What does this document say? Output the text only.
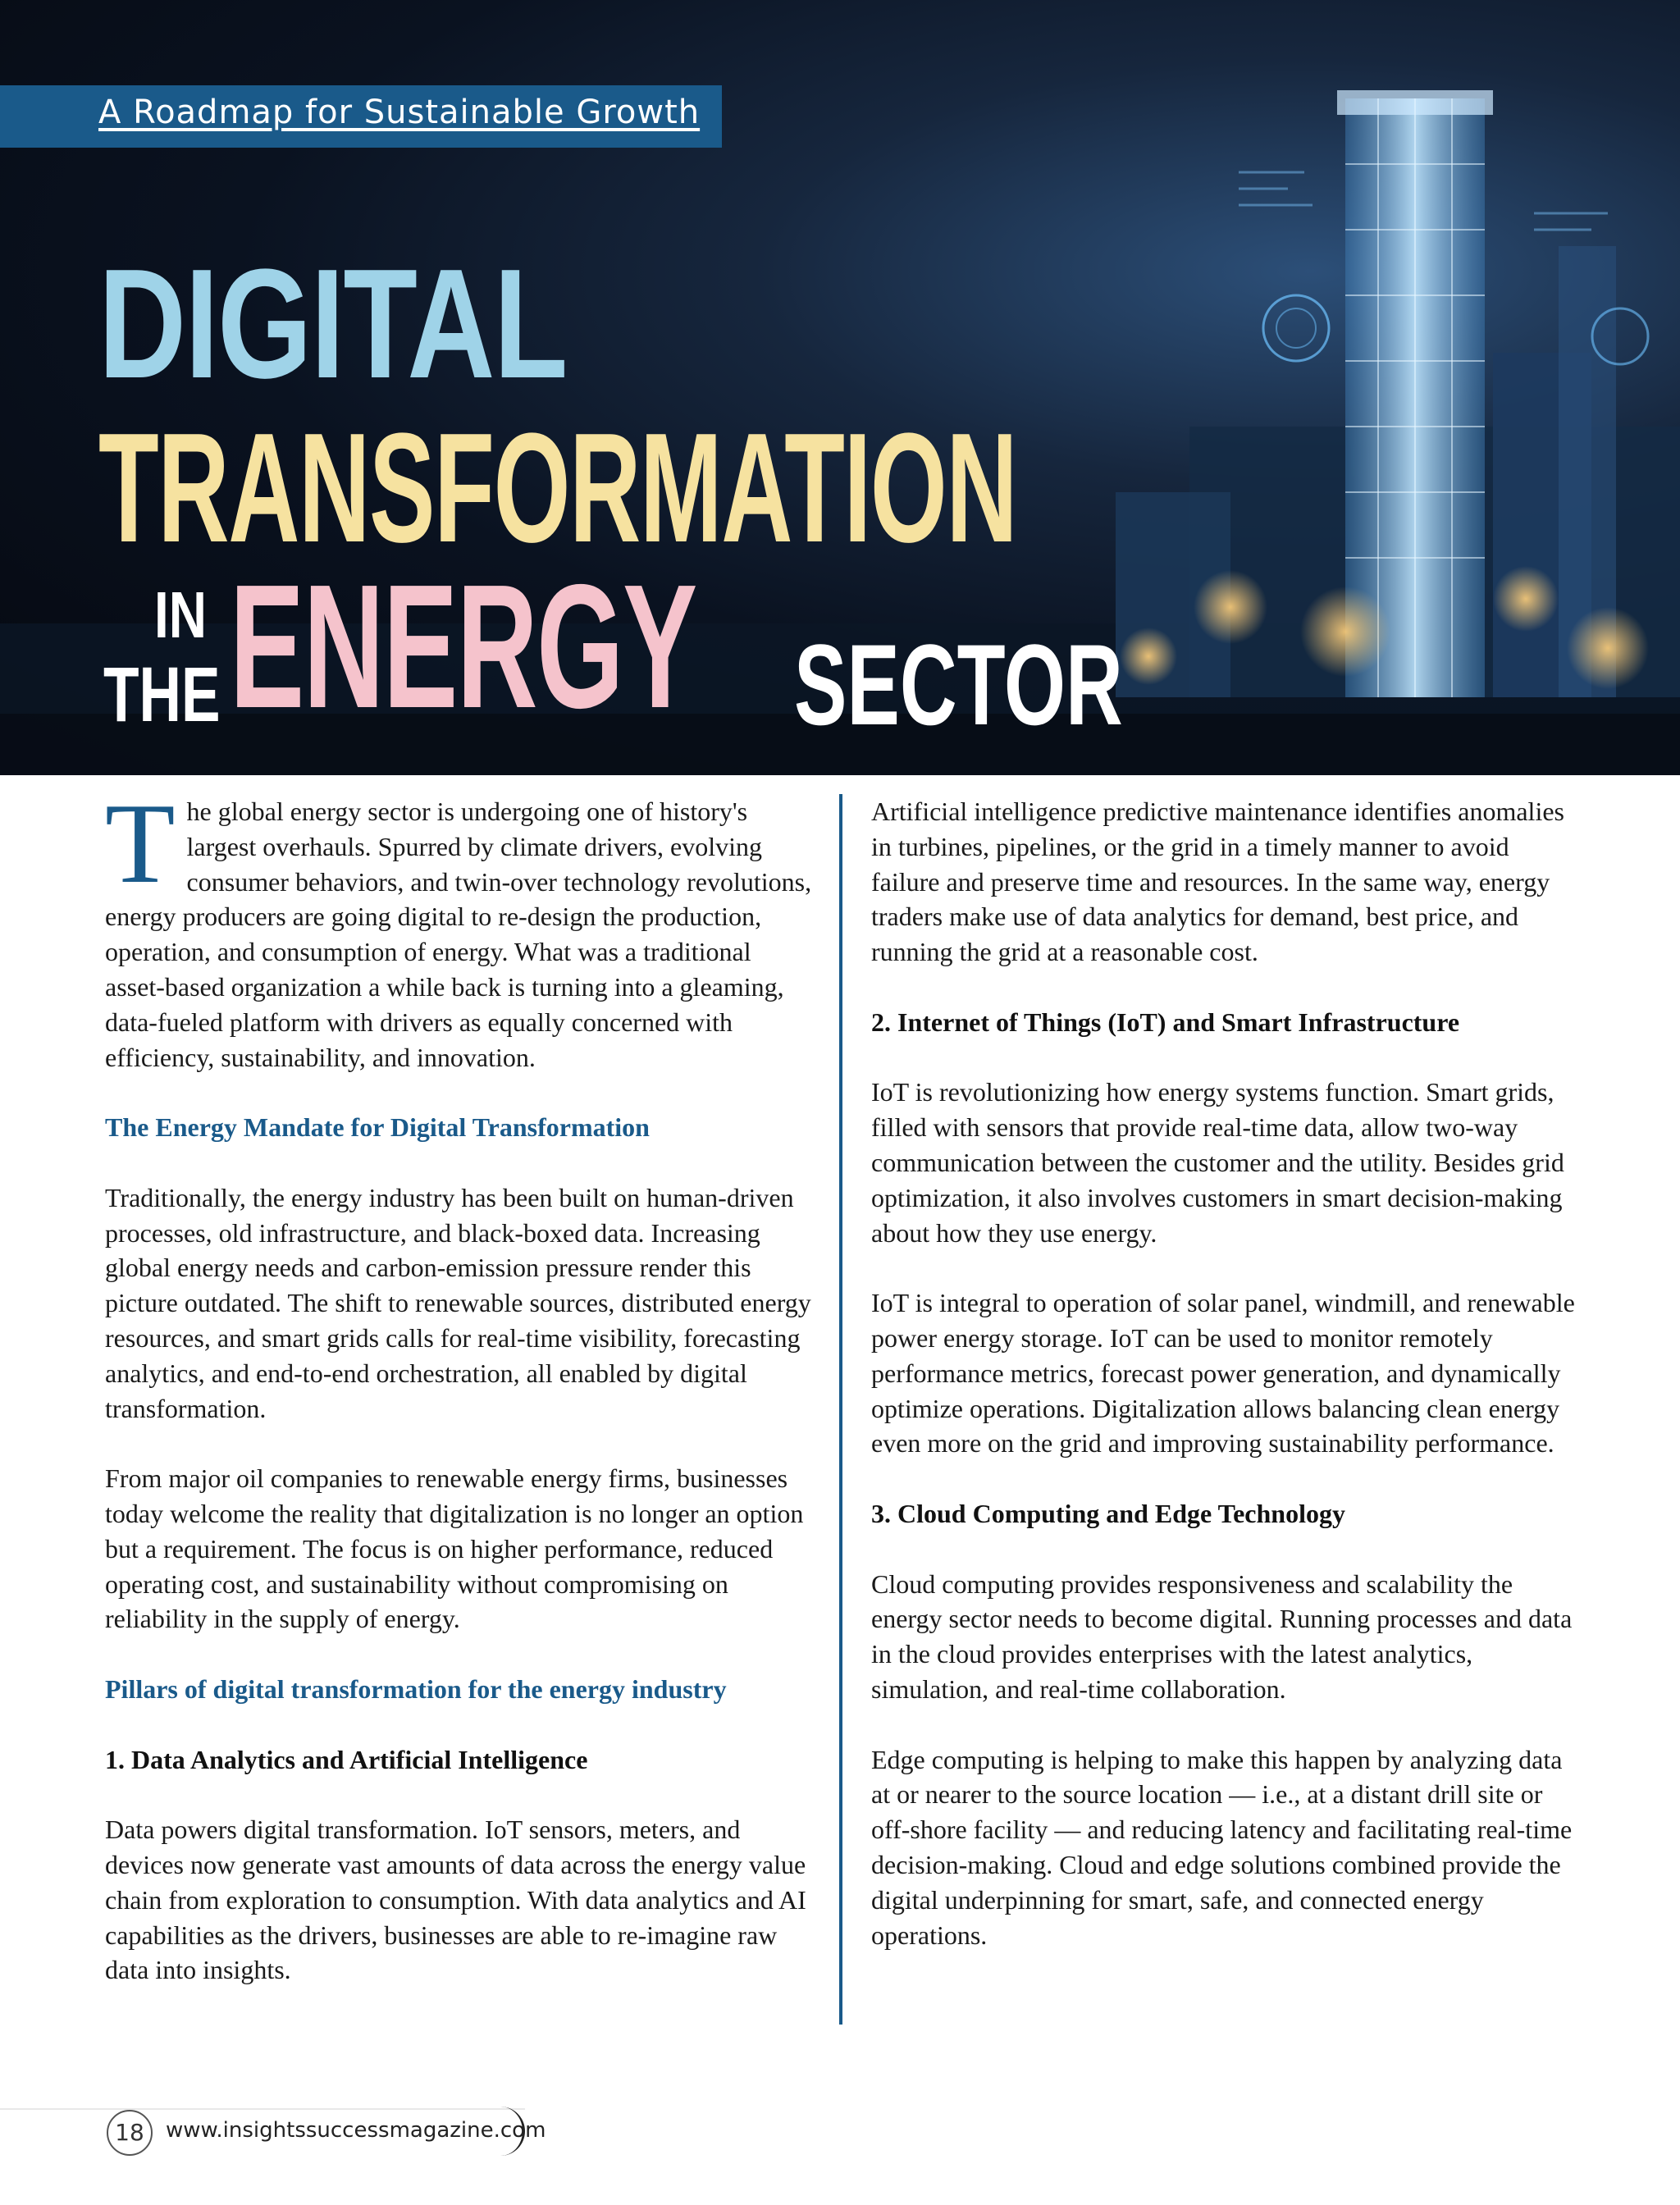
A Roadmap for Sustainable Growth
DIGITAL
TRANSFORMATION
IN
THE ENERGY SECTOR

The global energy sector is undergoing one of history's largest overhauls. Spurred by climate drivers, evolving consumer behaviors, and twin-over technology revolutions, energy producers are going digital to re-design the production, operation, and consumption of energy. What was a traditional asset-based organization a while back is turning into a gleaming, data-fueled platform with drivers as equally concerned with efficiency, sustainability, and innovation.

The Energy Mandate for Digital Transformation

Traditionally, the energy industry has been built on human-driven processes, old infrastructure, and black-boxed data. Increasing global energy needs and carbon-emission pressure render this picture outdated. The shift to renewable sources, distributed energy resources, and smart grids calls for real-time visibility, forecasting analytics, and end-to-end orchestration, all enabled by digital transformation.

From major oil companies to renewable energy firms, businesses today welcome the reality that digitalization is no longer an option but a requirement. The focus is on higher performance, reduced operating cost, and sustainability without compromising on reliability in the supply of energy.

Pillars of digital transformation for the energy industry

1. Data Analytics and Artificial Intelligence

Data powers digital transformation. IoT sensors, meters, and devices now generate vast amounts of data across the energy value chain from exploration to consumption. With data analytics and AI capabilities as the drivers, businesses are able to re-imagine raw data into insights.

Artificial intelligence predictive maintenance identifies anomalies in turbines, pipelines, or the grid in a timely manner to avoid failure and preserve time and resources. In the same way, energy traders make use of data analytics for demand, best price, and running the grid at a reasonable cost.

2. Internet of Things (IoT) and Smart Infrastructure

IoT is revolutionizing how energy systems function. Smart grids, filled with sensors that provide real-time data, allow two-way communication between the customer and the utility. Besides grid optimization, it also involves customers in smart decision-making about how they use energy.

IoT is integral to operation of solar panel, windmill, and renewable power energy storage. IoT can be used to monitor remotely performance metrics, forecast power generation, and dynamically optimize operations. Digitalization allows balancing clean energy even more on the grid and improving sustainability performance.

3. Cloud Computing and Edge Technology

Cloud computing provides responsiveness and scalability the energy sector needs to become digital. Running processes and data in the cloud provides enterprises with the latest analytics, simulation, and real-time collaboration.

Edge computing is helping to make this happen by analyzing data at or nearer to the source location — i.e., at a distant drill site or off-shore facility — and reducing latency and facilitating real-time decision-making. Cloud and edge solutions combined provide the digital underpinning for smart, safe, and connected energy operations.

18	www.insightssuccessmagazine.com
